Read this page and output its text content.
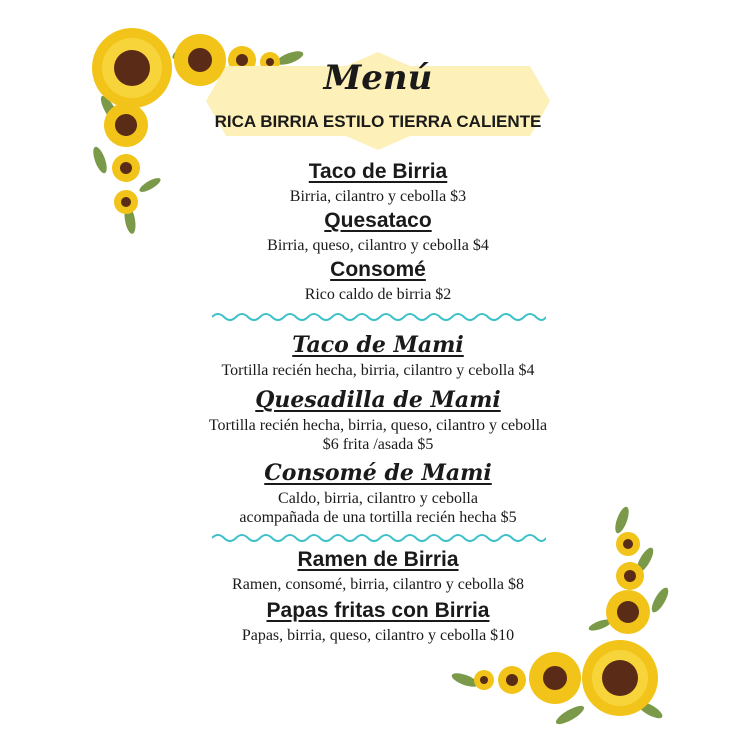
Menú
RICA BIRRIA ESTILO TIERRA CALIENTE
Taco de Birria
Birria, cilantro y cebolla $3
Quesataco
Birria, queso, cilantro y cebolla $4
Consomé
Rico caldo de birria $2
Taco de Mami
Tortilla recién hecha, birria, cilantro y cebolla $4
Quesadilla de Mami
Tortilla recién hecha, birria, queso, cilantro y cebolla
$6 frita /asada $5
Consomé de Mami
Caldo, birria, cilantro y cebolla
acompañada de una tortilla recién hecha $5
Ramen de Birria
Ramen, consomé, birria, cilantro y cebolla $8
Papas fritas con Birria
Papas, birria, queso, cilantro y cebolla $10
